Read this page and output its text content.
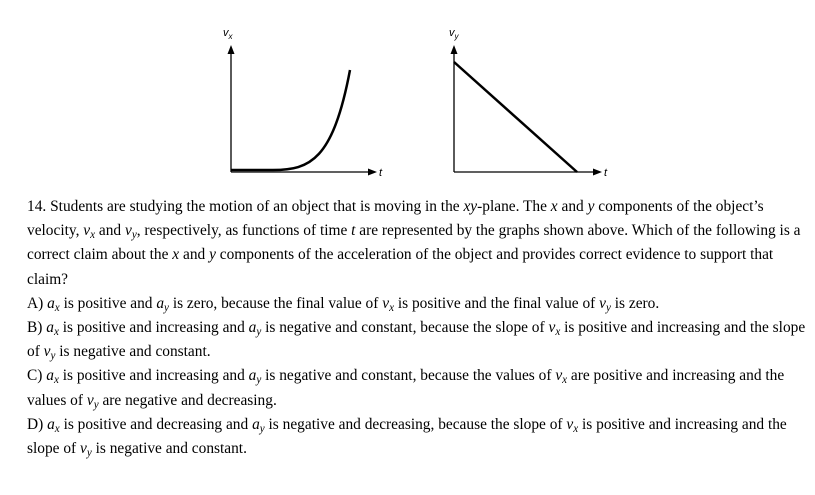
$v_x$
t
$v_y$
t

14. Students are studying the motion of an object that is moving in the xy-plane. The x and y components of the object’s velocity, $v_x$ and $v_y$, respectively, as functions of time t are represented by the graphs shown above. Which of the following is a correct claim about the x and y components of the acceleration of the object and provides correct evidence to support that claim?

A) $a_x$ is positive and $a_y$ is zero, because the final value of $v_x$ is positive and the final value of $v_y$ is zero.

B) $a_x$ is positive and increasing and $a_y$ is negative and constant, because the slope of $v_x$ is positive and increasing and the slope of $v_y$ is negative and constant.

C) $a_x$ is positive and increasing and $a_y$ is negative and constant, because the values of $v_x$ are positive and increasing and the values of $v_y$ are negative and decreasing.

D) $a_x$ is positive and decreasing and $a_y$ is negative and decreasing, because the slope of $v_x$ is positive and increasing and the slope of $v_y$ is negative and constant.
